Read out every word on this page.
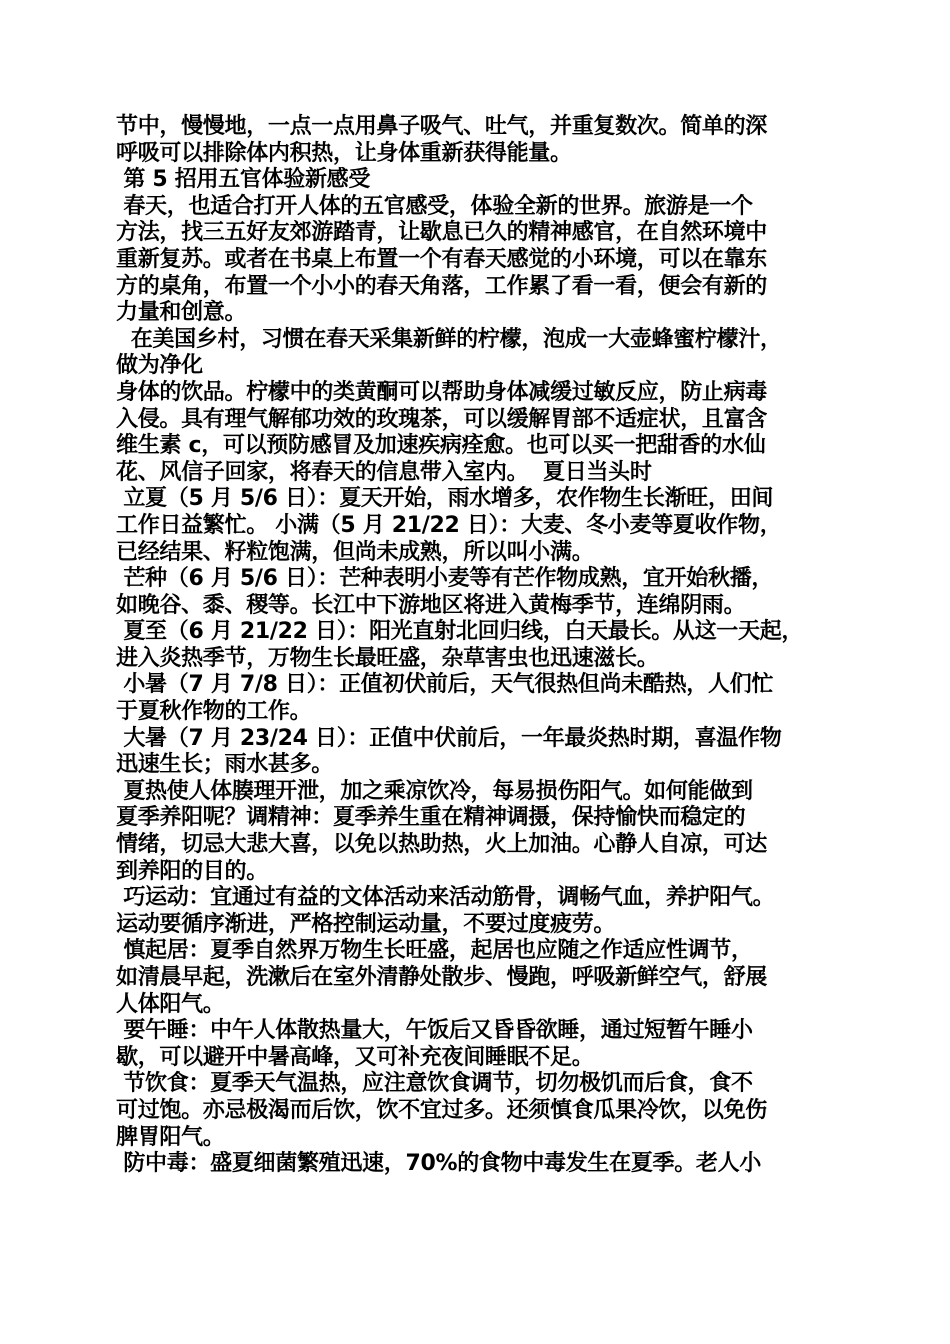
节中，慢慢地，一点一点用鼻子吸气、吐气，并重复数次。简单的深
呼吸可以排除体内积热，让身体重新获得能量。
第 5 招用五官体验新感受
春天，也适合打开人体的五官感受，体验全新的世界。旅游是一个
方法，找三五好友郊游踏青，让歇息已久的精神感官，在自然环境中
重新复苏。或者在书桌上布置一个有春天感觉的小环境，可以在靠东
方的桌角，布置一个小小的春天角落，工作累了看一看，便会有新的
力量和创意。
在美国乡村，习惯在春天采集新鲜的柠檬，泡成一大壶蜂蜜柠檬汁，
做为净化
身体的饮品。柠檬中的类黄酮可以帮助身体减缓过敏反应，防止病毒
入侵。具有理气解郁功效的玫瑰茶，可以缓解胃部不适症状，且富含
维生素 c，可以预防感冒及加速疾病痊愈。也可以买一把甜香的水仙
花、风信子回家，将春天的信息带入室内。  夏日当头时
立夏（5 月 5/6 日）：夏天开始，雨水增多，农作物生长渐旺，田间
工作日益繁忙。 小满（5 月 21/22 日）：大麦、冬小麦等夏收作物，
已经结果、籽粒饱满，但尚未成熟，所以叫小满。
芒种（6 月 5/6 日）：芒种表明小麦等有芒作物成熟，宜开始秋播，
如晚谷、黍、稷等。长江中下游地区将进入黄梅季节，连绵阴雨。
夏至（6 月 21/22 日）：阳光直射北回归线，白天最长。从这一天起，
进入炎热季节，万物生长最旺盛，杂草害虫也迅速滋长。
小暑（7 月 7/8 日）：正值初伏前后，天气很热但尚未酷热，人们忙
于夏秋作物的工作。
大暑（7 月 23/24 日）：正值中伏前后，一年最炎热时期，喜温作物
迅速生长；雨水甚多。
夏热使人体腠理开泄，加之乘凉饮冷，每易损伤阳气。如何能做到
夏季养阳呢？调精神：夏季养生重在精神调摄，保持愉快而稳定的
情绪，切忌大悲大喜，以免以热助热，火上加油。心静人自凉，可达
到养阳的目的。
巧运动：宜通过有益的文体活动来活动筋骨，调畅气血，养护阳气。
运动要循序渐进，严格控制运动量，不要过度疲劳。
慎起居：夏季自然界万物生长旺盛，起居也应随之作适应性调节，
如清晨早起，洗漱后在室外清静处散步、慢跑，呼吸新鲜空气，舒展
人体阳气。
要午睡：中午人体散热量大，午饭后又昏昏欲睡，通过短暂午睡小
歇，可以避开中暑高峰，又可补充夜间睡眠不足。
节饮食：夏季天气温热，应注意饮食调节，切勿极饥而后食，食不
可过饱。亦忌极渴而后饮，饮不宜过多。还须慎食瓜果冷饮，以免伤
脾胃阳气。
防中毒：盛夏细菌繁殖迅速，70%的食物中毒发生在夏季。老人小
